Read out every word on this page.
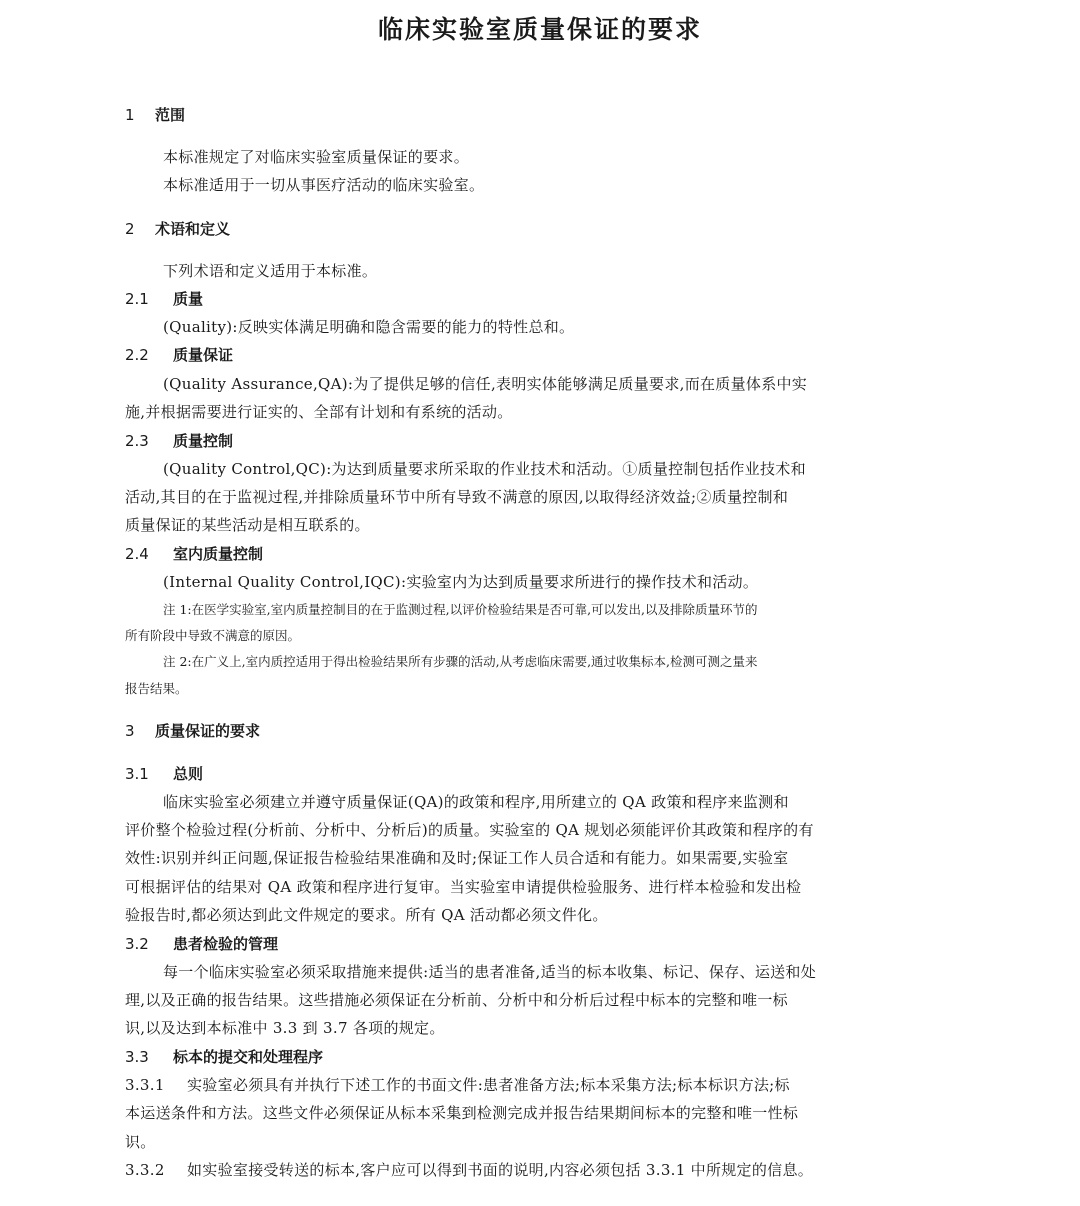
临床实验室质量保证的要求
1 范围
本标准规定了对临床实验室质量保证的要求。
本标准适用于一切从事医疗活动的临床实验室。
2 术语和定义
下列术语和定义适用于本标准。
2.1 质量
(Quality):反映实体满足明确和隐含需要的能力的特性总和。
2.2 质量保证
(Quality Assurance,QA):为了提供足够的信任,表明实体能够满足质量要求,而在质量体系中实
施,并根据需要进行证实的、全部有计划和有系统的活动。
2.3 质量控制
(Quality Control,QC):为达到质量要求所采取的作业技术和活动。①质量控制包括作业技术和
活动,其目的在于监视过程,并排除质量环节中所有导致不满意的原因,以取得经济效益;②质量控制和
质量保证的某些活动是相互联系的。
2.4 室内质量控制
(Internal Quality Control,IQC):实验室内为达到质量要求所进行的操作技术和活动。
注 1:在医学实验室,室内质量控制目的在于监测过程,以评价检验结果是否可靠,可以发出,以及排除质量环节的
所有阶段中导致不满意的原因。
注 2:在广义上,室内质控适用于得出检验结果所有步骤的活动,从考虑临床需要,通过收集标本,检测可测之量来
报告结果。
3 质量保证的要求
3.1 总则
临床实验室必须建立并遵守质量保证(QA)的政策和程序,用所建立的 QA 政策和程序来监测和
评价整个检验过程(分析前、分析中、分析后)的质量。实验室的 QA 规划必须能评价其政策和程序的有
效性:识别并纠正问题,保证报告检验结果准确和及时;保证工作人员合适和有能力。如果需要,实验室
可根据评估的结果对 QA 政策和程序进行复审。当实验室申请提供检验服务、进行样本检验和发出检
验报告时,都必须达到此文件规定的要求。所有 QA 活动都必须文件化。
3.2 患者检验的管理
每一个临床实验室必须采取措施来提供:适当的患者准备,适当的标本收集、标记、保存、运送和处
理,以及正确的报告结果。这些措施必须保证在分析前、分析中和分析后过程中标本的完整和唯一标
识,以及达到本标准中 3.3 到 3.7 各项的规定。
3.3 标本的提交和处理程序
3.3.1 实验室必须具有并执行下述工作的书面文件:患者准备方法;标本采集方法;标本标识方法;标
本运送条件和方法。这些文件必须保证从标本采集到检测完成并报告结果期间标本的完整和唯一性标
识。
3.3.2 如实验室接受转送的标本,客户应可以得到书面的说明,内容必须包括 3.3.1 中所规定的信息。
